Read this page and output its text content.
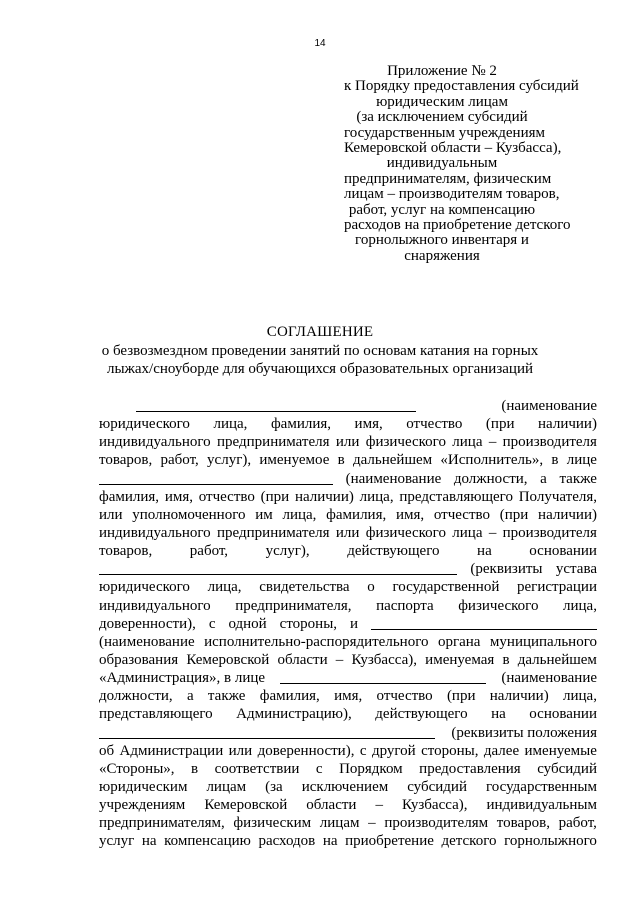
14
Приложение № 2
к Порядку предоставления субсидий
юридическим лицам
(за исключением субсидий
государственным учреждениям
Кемеровской области – Кузбасса),
индивидуальным
предпринимателям, физическим
лицам – производителям товаров,
работ, услуг на компенсацию
расходов на приобретение детского
горнолыжного инвентаря и
снаряжения
СОГЛАШЕНИЕ
о безвозмездном проведении занятий по основам катания на горных
лыжах/сноуборде для обучающихся образовательных организаций
(наименование
юридического лица, фамилия, имя, отчество (при наличии)
индивидуального предпринимателя или физического лица – производителя
товаров, работ, услуг), именуемое в дальнейшем «Исполнитель», в лице
(наименование должности, а также
фамилия, имя, отчество (при наличии) лица, представляющего Получателя,
или уполномоченного им лица, фамилия, имя, отчество (при наличии)
индивидуального предпринимателя или физического лица – производителя
товаров,	работ,	услуг),	действующего	на	основании
(реквизиты устава
юридического лица, свидетельства о государственной регистрации
индивидуального предпринимателя, паспорта физического лица,
доверенности), с одной стороны, и
(наименование исполнительно-распорядительного органа муниципального
образования Кемеровской области – Кузбасса), именуемая в дальнейшем
«Администрация», в лице	(наименование
должности, а также фамилия, имя, отчество (при наличии) лица,
представляющего Администрацию), действующего на основании
(реквизиты положения
об Администрации или доверенности), с другой стороны, далее именуемые
«Стороны», в соответствии с Порядком предоставления субсидий
юридическим лицам (за исключением субсидий государственным
учреждениям Кемеровской области – Кузбасса), индивидуальным
предпринимателям, физическим лицам – производителям товаров, работ,
услуг на компенсацию расходов на приобретение детского горнолыжного
